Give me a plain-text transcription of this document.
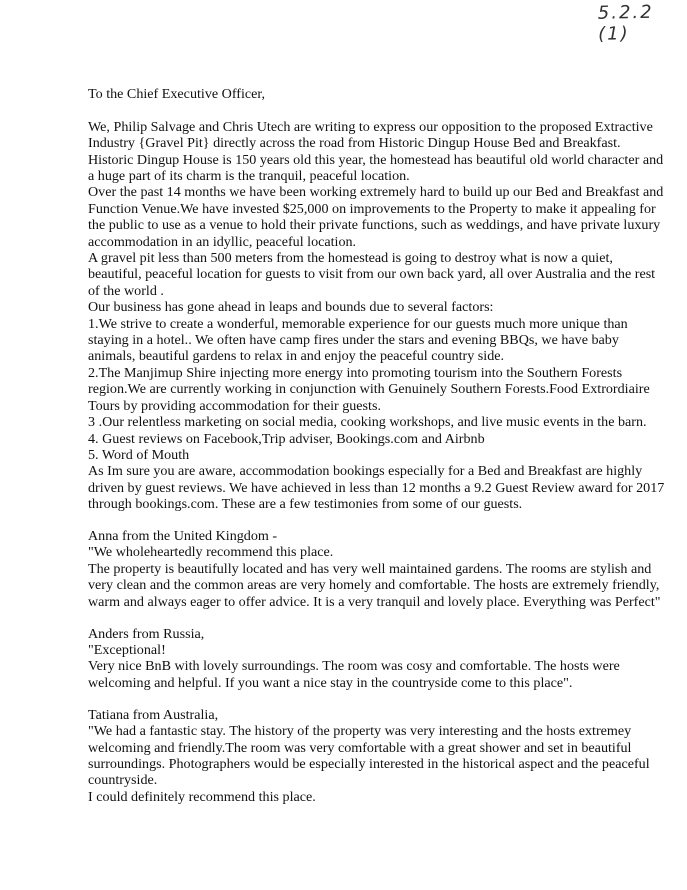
5.2.2 (1)

To the Chief Executive Officer,

We, Philip Salvage and Chris Utech are writing to express our opposition to the proposed Extractive Industry {Gravel Pit} directly across the road from Historic Dingup House Bed and Breakfast.

Historic Dingup House is 150 years old this year, the homestead has beautiful old world character and a huge part of its charm is the tranquil, peaceful location.

Over the past 14 months we have been working extremely hard to build up our Bed and Breakfast and Function Venue.We have invested $25,000 on improvements to the Property to make it appealing for the public to use as a venue to hold their private functions, such as weddings, and have private luxury accommodation in an idyllic, peaceful location.

A gravel pit less than 500 meters from the homestead is going to destroy what is now a quiet, beautiful, peaceful location for guests to visit from our own back yard, all over Australia and the rest of the world .

Our business has gone ahead in leaps and bounds due to several factors:

1.We strive to create a wonderful, memorable experience for our guests much more unique than staying in a hotel.. We often have camp fires under the stars and evening BBQs, we have baby animals, beautiful gardens to relax in and enjoy the peaceful country side.

2.The Manjimup Shire injecting more energy into promoting tourism into the Southern Forests region.We are currently working in conjunction with Genuinely Southern Forests.Food Extrordiaire Tours by providing accommodation for their guests.

3 .Our relentless marketing on social media, cooking workshops, and live music events in the barn.

4. Guest reviews on Facebook,Trip adviser, Bookings.com and Airbnb

5. Word of Mouth

As Im sure you are aware, accommodation bookings especially for a Bed and Breakfast are highly driven by guest reviews. We have achieved in less than 12 months a 9.2 Guest Review award for 2017 through bookings.com. These are a few testimonies from some of our guests.

Anna from the United Kingdom -

"We wholeheartedly recommend this place.

The property is beautifully located and has very well maintained gardens. The rooms are stylish and very clean and the common areas are very homely and comfortable. The hosts are extremely friendly, warm and always eager to offer advice. It is a very tranquil and lovely place. Everything was Perfect"

Anders from Russia,

"Exceptional!

Very nice BnB with lovely surroundings. The room was cosy and comfortable. The hosts were welcoming and helpful. If you want a nice stay in the countryside come to this place".

Tatiana from Australia,

"We had a fantastic stay. The history of the property was very interesting and the hosts extremey welcoming and friendly.The room was very comfortable with a great shower and set in beautiful surroundings. Photographers would be especially interested in the historical aspect and the peaceful countryside.

I could definitely recommend this place.
